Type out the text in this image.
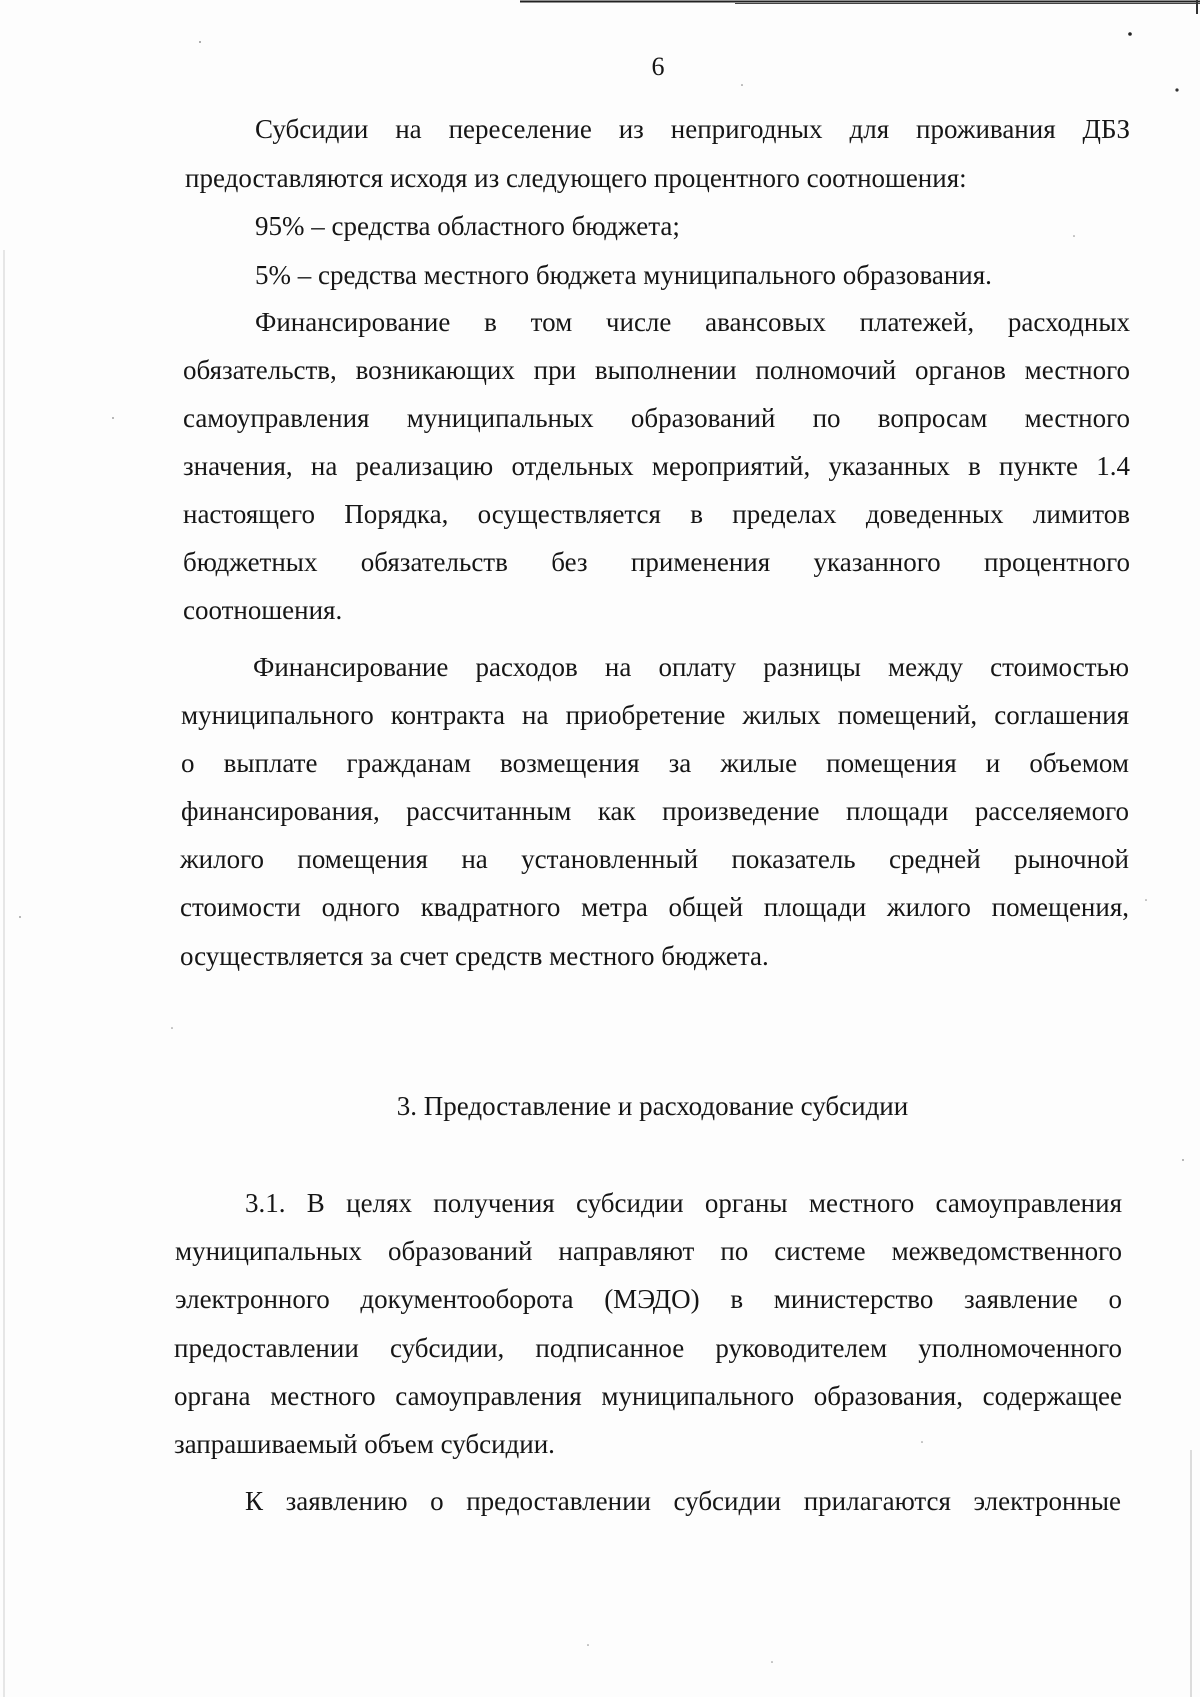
6
Субсидии на переселение из непригодных для проживания ДБЗ
предоставляются исходя из следующего процентного соотношения:
95% – средства областного бюджета;
5% – средства местного бюджета муниципального образования.
Финансирование в том числе авансовых платежей, расходных
обязательств, возникающих при выполнении полномочий органов местного
самоуправления муниципальных образований по вопросам местного
значения, на реализацию отдельных мероприятий, указанных в пункте 1.4
настоящего Порядка, осуществляется в пределах доведенных лимитов
бюджетных обязательств без применения указанного процентного
соотношения.
Финансирование расходов на оплату разницы между стоимостью
муниципального контракта на приобретение жилых помещений, соглашения
о выплате гражданам возмещения за жилые помещения и объемом
финансирования, рассчитанным как произведение площади расселяемого
жилого помещения на установленный показатель средней рыночной
стоимости одного квадратного метра общей площади жилого помещения,
осуществляется за счет средств местного бюджета.
3. Предоставление и расходование субсидии
3.1. В целях получения субсидии органы местного самоуправления
муниципальных образований направляют по системе межведомственного
электронного документооборота (МЭДО) в министерство заявление о
предоставлении субсидии, подписанное руководителем уполномоченного
органа местного самоуправления муниципального образования, содержащее
запрашиваемый объем субсидии.
К заявлению о предоставлении субсидии прилагаются электронные
